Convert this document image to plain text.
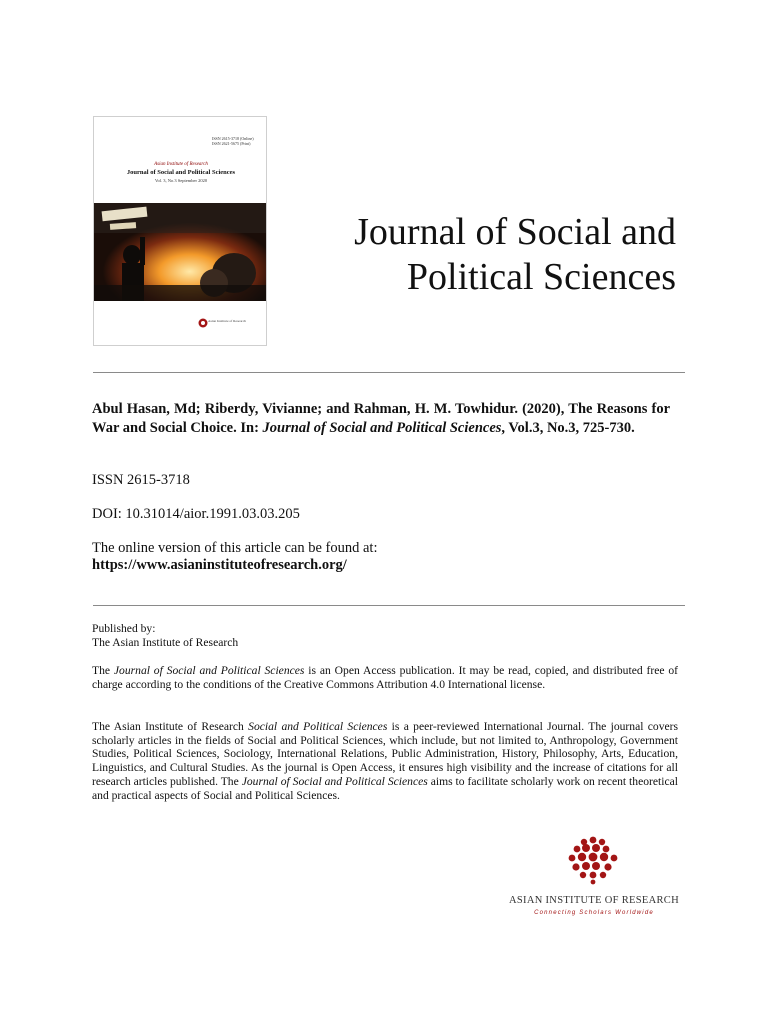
ISSN 2615-3718 (Online)
ISSN 2621-5675 (Print)
Asian Institute of Research
Journal of Social and Political Sciences
Vol. 3, No.3 September 2020
Asian Institute of Research
Journal of Social and
Political Sciences

Abul Hasan, Md; Riberdy, Vivianne; and Rahman, H. M. Towhidur. (2020), The Reasons for War and Social Choice. In: Journal of Social and Political Sciences, Vol.3, No.3, 725-730.

ISSN 2615-3718

DOI: 10.31014/aior.1991.03.03.205

The online version of this article can be found at:

https://www.asianinstituteofresearch.org/

Published by:

The Asian Institute of Research

The Journal of Social and Political Sciences is an Open Access publication. It may be read, copied, and distributed free of charge according to the conditions of the Creative Commons Attribution 4.0 International license.

The Asian Institute of Research Social and Political Sciences is a peer-reviewed International Journal. The journal covers scholarly articles in the fields of Social and Political Sciences, which include, but not limited to, Anthropology, Government Studies, Political Sciences, Sociology, International Relations, Public Administration, History, Philosophy, Arts, Education, Linguistics, and Cultural Studies. As the journal is Open Access, it ensures high visibility and the increase of citations for all research articles published. The Journal of Social and Political Sciences aims to facilitate scholarly work on recent theoretical and practical aspects of Social and Political Sciences.

ASIAN INSTITUTE OF RESEARCH
Connecting Scholars Worldwide
